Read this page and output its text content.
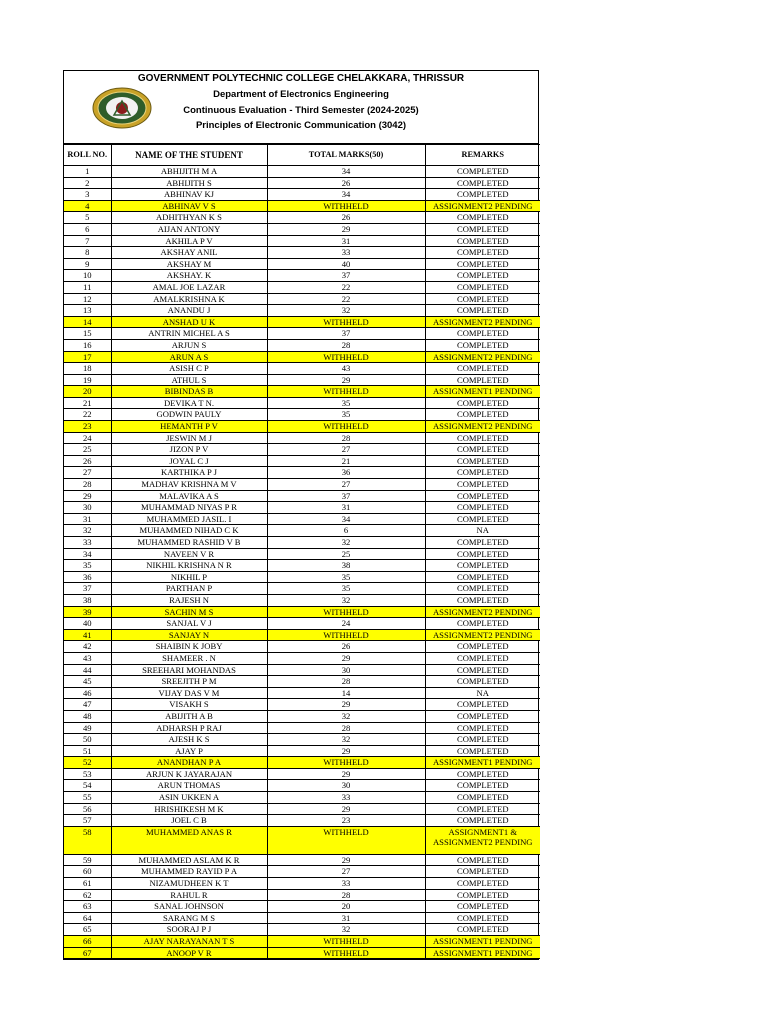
GOVERNMENT POLYTECHNIC COLLEGE CHELAKKARA, THRISSUR
Department of Electronics Engineering
Continuous Evaluation - Third Semester (2024-2025)
Principles of Electronic Communication (3042)
ROLL NO.	NAME OF THE STUDENT	TOTAL MARKS(50)	REMARKS
1	ABHIJITH M A	34	COMPLETED
2	ABHIJITH S	26	COMPLETED
3	ABHINAV KJ	34	COMPLETED
4	ABHINAV V S	WITHHELD	ASSIGNMENT2 PENDING
5	ADHITHYAN K S	26	COMPLETED
6	AIJAN ANTONY	29	COMPLETED
7	AKHILA P V	31	COMPLETED
8	AKSHAY ANIL	33	COMPLETED
9	AKSHAY M	40	COMPLETED
10	AKSHAY. K	37	COMPLETED
11	AMAL JOE LAZAR	22	COMPLETED
12	AMALKRISHNA K	22	COMPLETED
13	ANANDU J	32	COMPLETED
14	ANSHAD U K	WITHHELD	ASSIGNMENT2 PENDING
15	ANTRIN MICHEL A S	37	COMPLETED
16	ARJUN S	28	COMPLETED
17	ARUN A S	WITHHELD	ASSIGNMENT2 PENDING
18	ASISH C P	43	COMPLETED
19	ATHUL S	29	COMPLETED
20	BIBINDAS B	WITHHELD	ASSIGNMENT1 PENDING
21	DEVIKA T N.	35	COMPLETED
22	GODWIN PAULY	35	COMPLETED
23	HEMANTH P V	WITHHELD	ASSIGNMENT2 PENDING
24	JESWIN M J	28	COMPLETED
25	JIZON P V	27	COMPLETED
26	JOYAL C J	21	COMPLETED
27	KARTHIKA P J	36	COMPLETED
28	MADHAV KRISHNA M V	27	COMPLETED
29	MALAVIKA A S	37	COMPLETED
30	MUHAMMAD NIYAS P R	31	COMPLETED
31	MUHAMMED JASIL. I	34	COMPLETED
32	MUHAMMED NIHAD C K	6	NA
33	MUHAMMED RASHID V B	32	COMPLETED
34	NAVEEN V R	25	COMPLETED
35	NIKHIL KRISHNA N R	38	COMPLETED
36	NIKHIL P	35	COMPLETED
37	PARTHAN P	35	COMPLETED
38	RAJESH N	32	COMPLETED
39	SACHIN M S	WITHHELD	ASSIGNMENT2 PENDING
40	SANJAL V J	24	COMPLETED
41	SANJAY N	WITHHELD	ASSIGNMENT2 PENDING
42	SHAIBIN K JOBY	26	COMPLETED
43	SHAMEER . N	29	COMPLETED
44	SREEHARI MOHANDAS	30	COMPLETED
45	SREEJITH P M	28	COMPLETED
46	VIJAY DAS V M	14	NA
47	VISAKH S	29	COMPLETED
48	ABIJITH A B	32	COMPLETED
49	ADHARSH P RAJ	28	COMPLETED
50	AJESH K S	32	COMPLETED
51	AJAY P	29	COMPLETED
52	ANANDHAN P A	WITHHELD	ASSIGNMENT1 PENDING
53	ARJUN K JAYARAJAN	29	COMPLETED
54	ARUN THOMAS	30	COMPLETED
55	ASIN UKKEN A	33	COMPLETED
56	HRISHIKESH M K	29	COMPLETED
57	JOEL C B	23	COMPLETED
58	MUHAMMED ANAS R	WITHHELD	ASSIGNMENT1 & ASSIGNMENT2 PENDING
59	MUHAMMED ASLAM K R	29	COMPLETED
60	MUHAMMED RAYID P A	27	COMPLETED
61	NIZAMUDHEEN K T	33	COMPLETED
62	RAHUL R	28	COMPLETED
63	SANAL JOHNSON	20	COMPLETED
64	SARANG M S	31	COMPLETED
65	SOORAJ P J	32	COMPLETED
66	AJAY NARAYANAN T S	WITHHELD	ASSIGNMENT1 PENDING
67	ANOOP V R	WITHHELD	ASSIGNMENT1 PENDING
